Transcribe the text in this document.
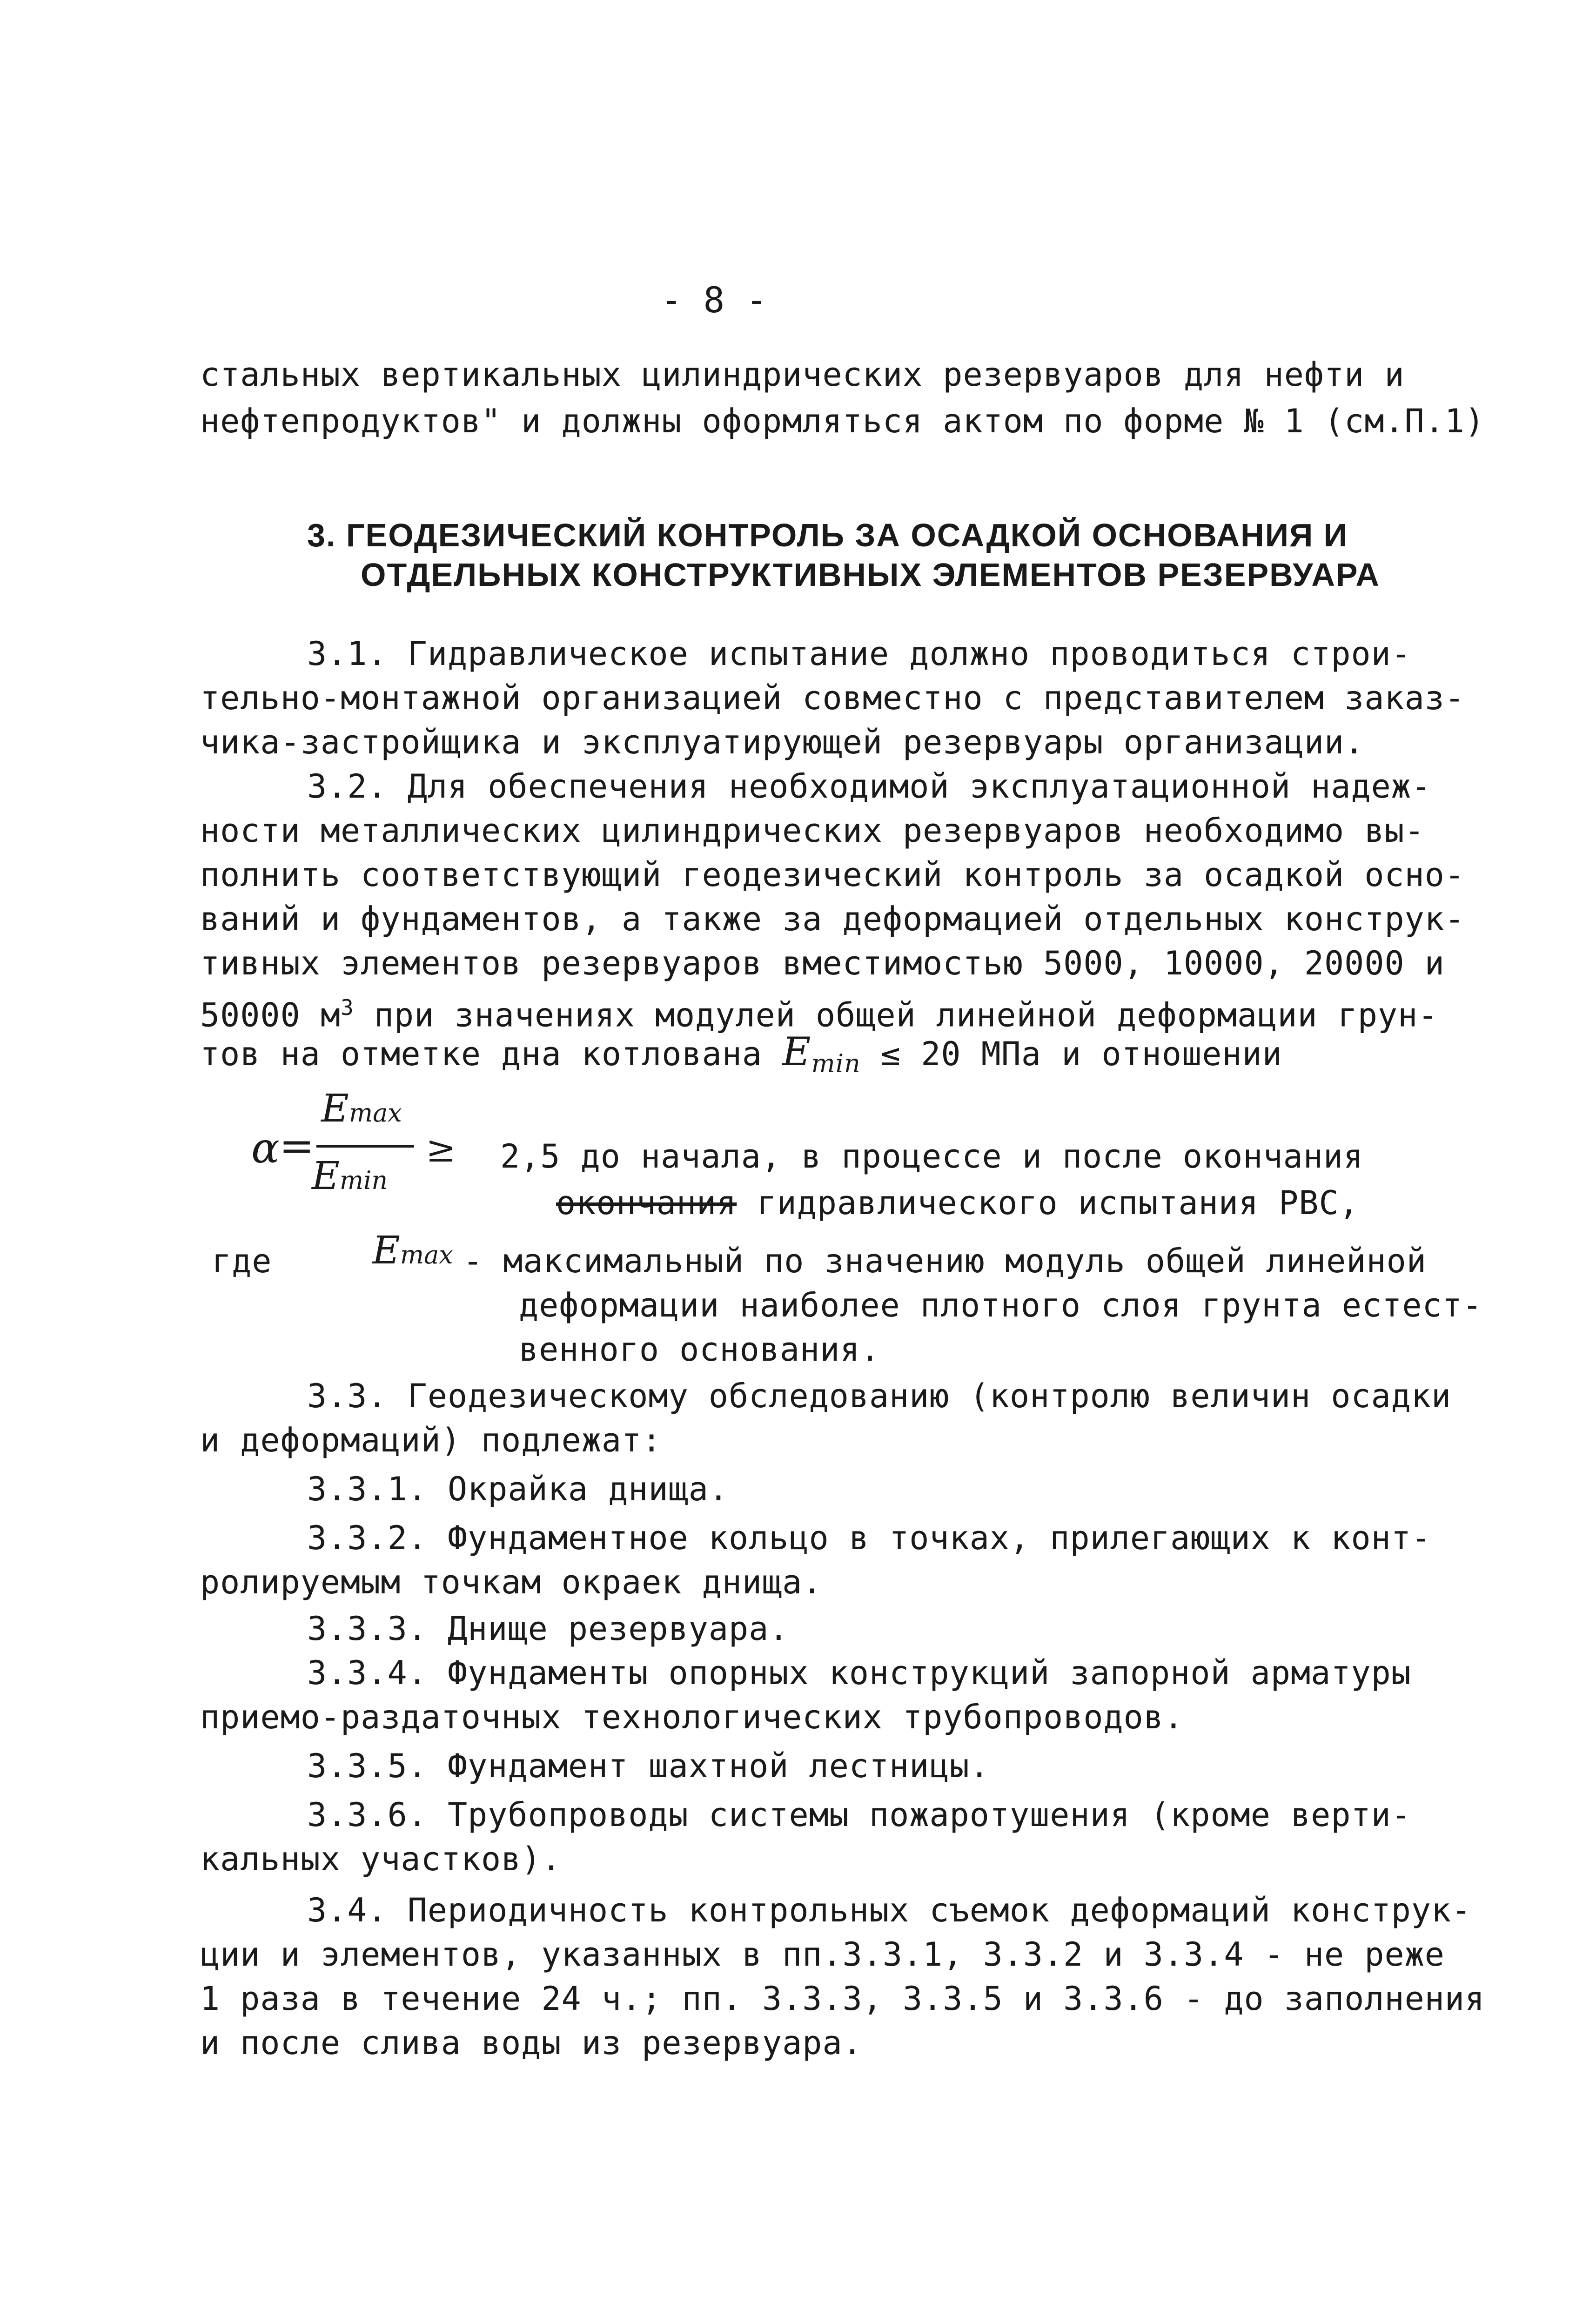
- 8 -
стальных вертикальных цилиндрических резервуаров для нефти и
нефтепродуктов" и должны оформляться актом по форме № 1 (см.П.1)
3. ГЕОДЕЗИЧЕСКИЙ КОНТРОЛЬ ЗА ОСАДКОЙ ОСНОВАНИЯ И
ОТДЕЛЬНЫХ КОНСТРУКТИВНЫХ ЭЛЕМЕНТОВ РЕЗЕРВУАРА
3.1. Гидравлическое испытание должно проводиться строи-
тельно-монтажной организацией совместно с представителем заказ-
чика-застройщика и эксплуатирующей резервуары организации.
3.2. Для обеспечения необходимой эксплуатационной надеж-
ности металлических цилиндрических резервуаров необходимо вы-
полнить соответствующий геодезический контроль за осадкой осно-
ваний и фундаментов, а также за деформацией отдельных конструк-
тивных элементов резервуаров вместимостью 5000, 10000, 20000 и
50000 $м^3$ при значениях модулей общей линейной деформации грун-
тов на отметке дна котлована $E_{min} \le 20$ МПа и отношении
α =
Emax
Emin
≥ 2,5 до начала, в процессе и после окончания
окончания гидравлического испытания РВС,
где	Emax - максимальный по значению модуль общей линейной
деформации наиболее плотного слоя грунта естест-
венного основания.
3.3. Геодезическому обследованию (контролю величин осадки
и деформаций) подлежат:
3.3.1. Окрайка днища.
3.3.2. Фундаментное кольцо в точках, прилегающих к конт-
ролируемым точкам окраек днища.
3.3.3. Днище резервуара.
3.3.4. Фундаменты опорных конструкций запорной арматуры
приемо-раздаточных технологических трубопроводов.
3.3.5. Фундамент шахтной лестницы.
3.3.6. Трубопроводы системы пожаротушения (кроме верти-
кальных участков).
3.4. Периодичность контрольных съемок деформаций конструк-
ции и элементов, указанных в пп.3.3.1, 3.3.2 и 3.3.4 - не реже
1 раза в течение 24 ч.; пп. 3.3.3, 3.3.5 и 3.3.6 - до заполнения
и после слива воды из резервуара.
